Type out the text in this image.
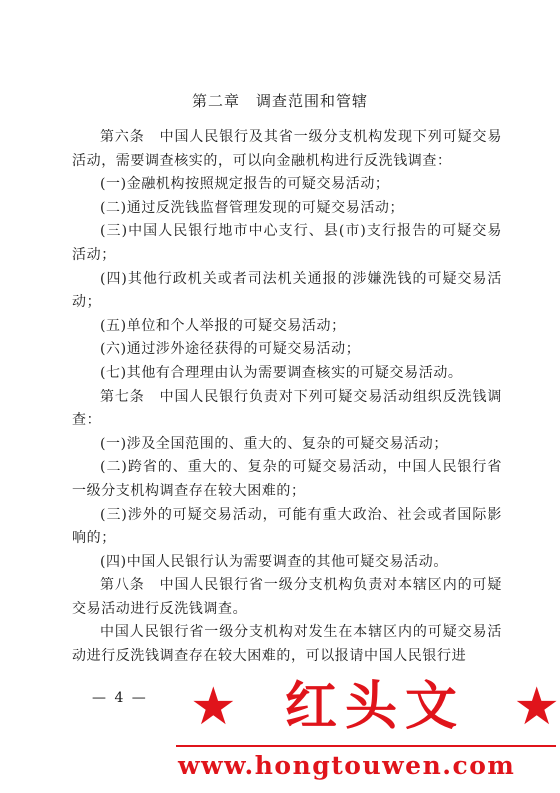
第二章　调查范围和管辖

第六条　中国人民银行及其省一级分支机构发现下列可疑交易活动，需要调查核实的，可以向金融机构进行反洗钱调查：

(一)金融机构按照规定报告的可疑交易活动；

(二)通过反洗钱监督管理发现的可疑交易活动；

(三)中国人民银行地市中心支行、县(市)支行报告的可疑交易活动；

(四)其他行政机关或者司法机关通报的涉嫌洗钱的可疑交易活动；

(五)单位和个人举报的可疑交易活动；

(六)通过涉外途径获得的可疑交易活动；

(七)其他有合理理由认为需要调查核实的可疑交易活动。

第七条　中国人民银行负责对下列可疑交易活动组织反洗钱调查：

(一)涉及全国范围的、重大的、复杂的可疑交易活动；

(二)跨省的、重大的、复杂的可疑交易活动，中国人民银行省一级分支机构调查存在较大困难的；

(三)涉外的可疑交易活动，可能有重大政治、社会或者国际影响的；

(四)中国人民银行认为需要调查的其他可疑交易活动。

第八条　中国人民银行省一级分支机构负责对本辖区内的可疑交易活动进行反洗钱调查。

中国人民银行省一级分支机构对发生在本辖区内的可疑交易活动进行反洗钱调查存在较大困难的，可以报请中国人民银行进

— 4 — ★ 红头文 ★
www.hongtouwen.com
